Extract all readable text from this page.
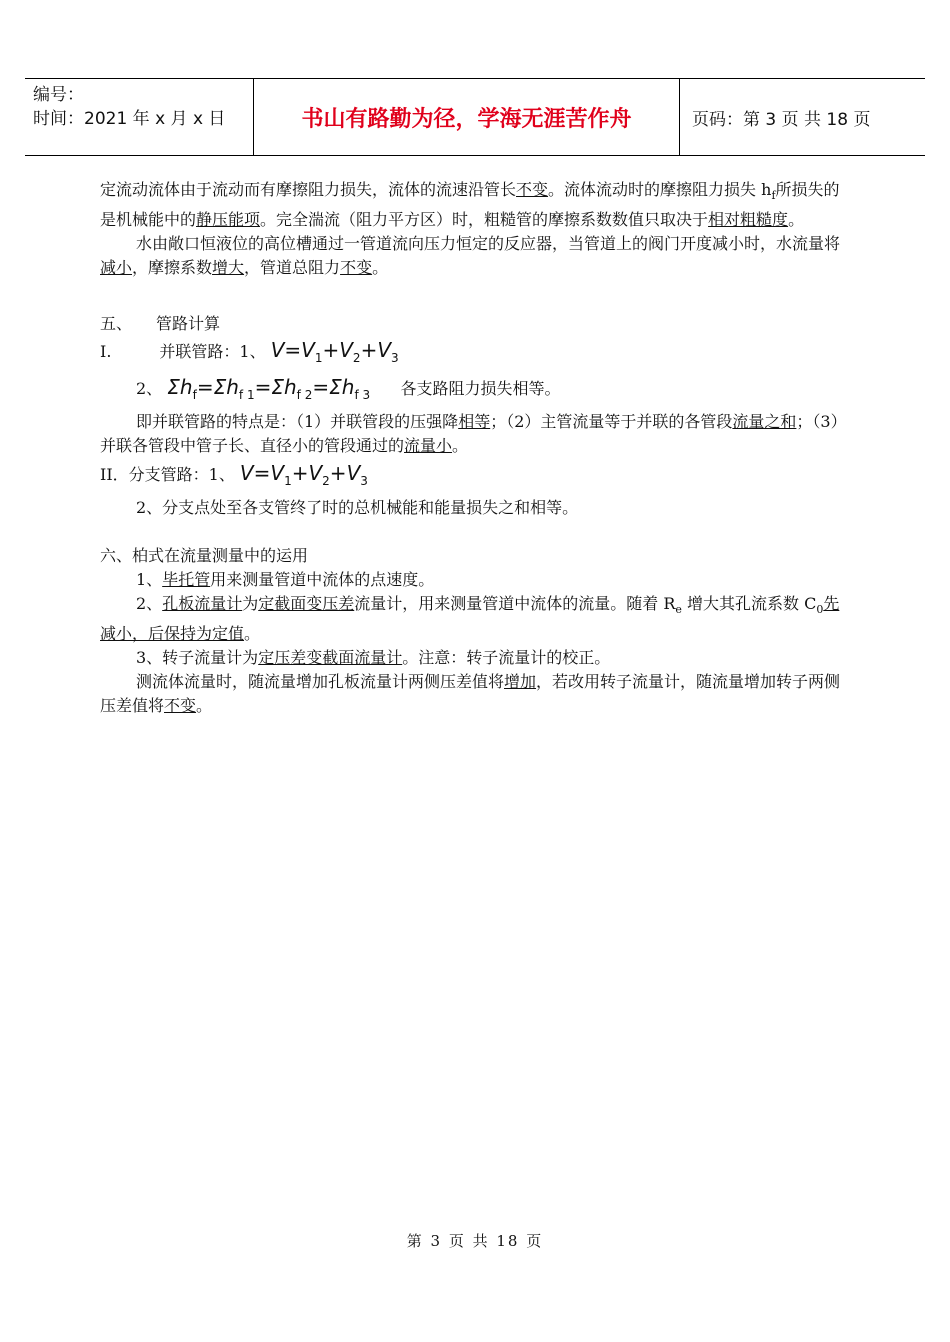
编号：
时间：2021 年 x 月 x 日	书山有路勤为径，学海无涯苦作舟	页码：第 3 页 共 18 页

定流动流体由于流动而有摩擦阻力损失，流体的流速沿管长不变。流体流动时的摩擦阻力损失 $h_f$所损失的是机械能中的静压能项。完全湍流（阻力平方区）时，粗糙管的摩擦系数数值只取决于相对粗糙度。

水由敞口恒液位的高位槽通过一管道流向压力恒定的反应器，当管道上的阀门开度减小时，水流量将减小，摩擦系数增大，管道总阻力不变。

五、　　管路计算

I.　　　并联管路：1、 $V=V_1+V_2+V_3$

2、 $\Sigma h_f=\Sigma h_{f 1}=\Sigma h_{f 2}=\Sigma h_{f 3}$ 各支路阻力损失相等。

即并联管路的特点是：（1）并联管段的压强降相等；（2）主管流量等于并联的各管段流量之和；（3）并联各管段中管子长、直径小的管段通过的流量小。

II．分支管路：1、 $V=V_1+V_2+V_3$

2、分支点处至各支管终了时的总机械能和能量损失之和相等。

六、柏式在流量测量中的运用

1、毕托管用来测量管道中流体的点速度。

2、孔板流量计为定截面变压差流量计，用来测量管道中流体的流量。随着 $R_e$ 增大其孔流系数 $C_0$先减小，后保持为定值。

3、转子流量计为定压差变截面流量计。注意：转子流量计的校正。

测流体流量时，随流量增加孔板流量计两侧压差值将增加，若改用转子流量计，随流量增加转子两侧压差值将不变。

第 3 页 共 18 页
